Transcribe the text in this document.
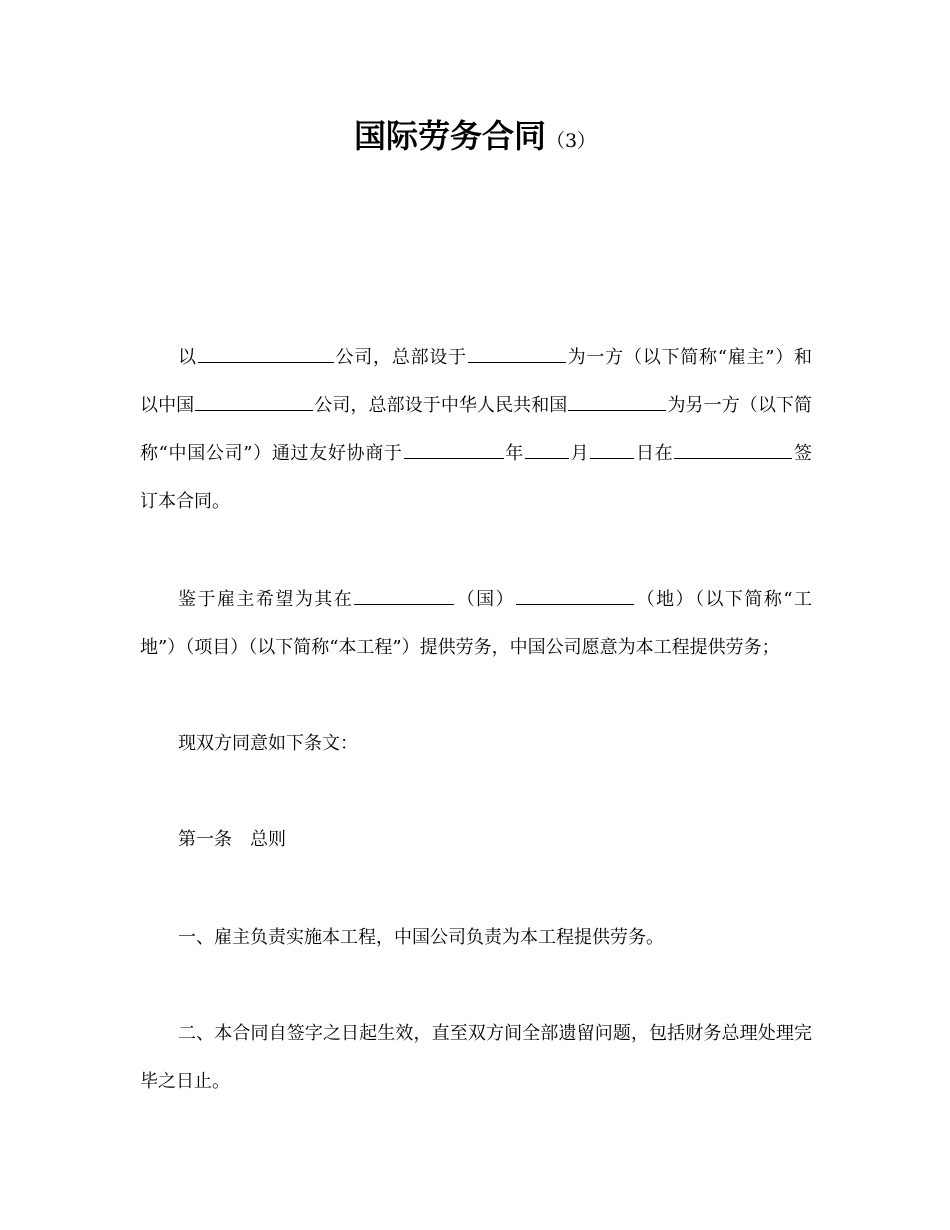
国际劳务合同（3）

以	公司，总部设于	为一方（以下简称“雇主”）和以中国	公司，总部设于中华人民共和国	为另一方（以下简称“中国公司”）通过友好协商于	年	月	日在	签订本合同。

鉴于雇主希望为其在	（国）	（地）（以下简称“工地”）（项目）（以下简称“本工程”）提供劳务，中国公司愿意为本工程提供劳务；

现双方同意如下条文：

第一条　总则

一、雇主负责实施本工程，中国公司负责为本工程提供劳务。

二、本合同自签字之日起生效，直至双方间全部遗留问题，包括财务总理处理完毕之日止。
